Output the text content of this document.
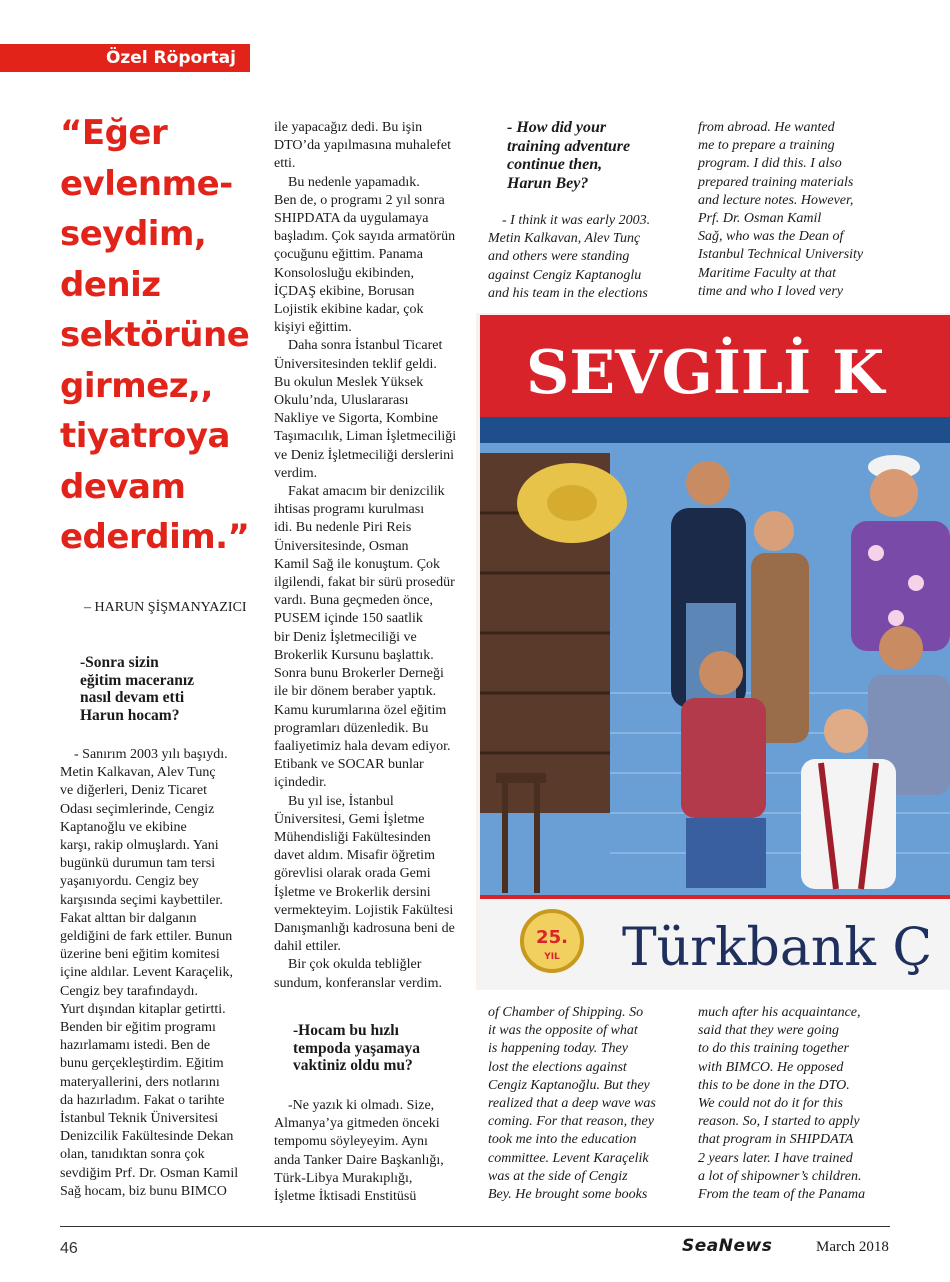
Özel Röportaj
“Eğer
evlenme-
seydim,
deniz
sektörüne
girmez,,
tiyatroya
devam
ederdim.”
– HARUN ŞİŞMANYAZICI

-Sonra sizin

eğitim maceranız

nasıl devam etti

Harun hocam?

- Sanırım 2003 yılı başıydı.

Metin Kalkavan, Alev Tunç

ve diğerleri, Deniz Ticaret

Odası seçimlerinde, Cengiz

Kaptanoğlu ve ekibine

karşı, rakip olmuşlardı. Yani

bugünkü durumun tam tersi

yaşanıyordu. Cengiz bey

karşısında seçimi kaybettiler.

Fakat alttan bir dalganın

geldiğini de fark ettiler. Bunun

üzerine beni eğitim komitesi

içine aldılar. Levent Karaçelik,

Cengiz bey tarafındaydı.

Yurt dışından kitaplar getirtti.

Benden bir eğitim programı

hazırlamamı istedi. Ben de

bunu gerçekleştirdim. Eğitim

materyallerini, ders notlarını

da hazırladım. Fakat o tarihte

İstanbul Teknik Üniversitesi

Denizcilik Fakültesinde Dekan

olan, tanıdıktan sonra çok

sevdiğim Prf. Dr. Osman Kamil

Sağ hocam, biz bunu BIMCO

ile yapacağız dedi. Bu işin

DTO’da yapılmasına muhalefet

etti.

Bu nedenle yapamadık.

Ben de, o programı 2 yıl sonra

SHIPDATA da uygulamaya

başladım. Çok sayıda armatörün

çocuğunu eğittim. Panama

Konsolosluğu ekibinden,

İÇDAŞ ekibine, Borusan

Lojistik ekibine kadar, çok

kişiyi eğittim.

Daha sonra İstanbul Ticaret

Üniversitesinden teklif geldi.

Bu okulun Meslek Yüksek

Okulu’nda, Uluslararası

Nakliye ve Sigorta, Kombine

Taşımacılık, Liman İşletmeciliği

ve Deniz İşletmeciliği derslerini

verdim.

Fakat amacım bir denizcilik

ihtisas programı kurulması

idi. Bu nedenle Piri Reis

Üniversitesinde, Osman

Kamil Sağ ile konuştum. Çok

ilgilendi, fakat bir sürü prosedür

vardı. Buna geçmeden önce,

PUSEM içinde 150 saatlik

bir Deniz İşletmeciliği ve

Brokerlik Kursunu başlattık.

Sonra bunu Brokerler Derneği

ile bir dönem beraber yaptık.

Kamu kurumlarına özel eğitim

programları düzenledik. Bu

faaliyetimiz hala devam ediyor.

Etibank ve SOCAR bunlar

içindedir.

Bu yıl ise, İstanbul

Üniversitesi, Gemi İşletme

Mühendisliği Fakültesinden

davet aldım. Misafir öğretim

görevlisi olarak orada Gemi

İşletme ve Brokerlik dersini

vermekteyim. Lojistik Fakültesi

Danışmanlığı kadrosuna beni de

dahil ettiler.

Bir çok okulda tebliğler

sundum, konferanslar verdim.

-Hocam bu hızlı

tempoda yaşamaya

vaktiniz oldu mu?

-Ne yazık ki olmadı. Size,

Almanya’ya gitmeden önceki

tempomu söyleyeyim. Aynı

anda Tanker Daire Başkanlığı,

Türk-Libya Murakıplığı,

İşletme İktisadi Enstitüsü

- How did your

training adventure

continue then,

Harun Bey?

- I think it was early 2003.

Metin Kalkavan, Alev Tunç

and others were standing

against Cengiz Kaptanoglu

and his team in the elections

of Chamber of Shipping. So

it was the opposite of what

is happening today. They

lost the elections against

Cengiz Kaptanoğlu. But they

realized that a deep wave was

coming. For that reason, they

took me into the education

committee. Levent Karaçelik

was at the side of Cengiz

Bey. He brought some books

from abroad. He wanted

me to prepare a training

program. I did this. I also

prepared training materials

and lecture notes. However,

Prf. Dr. Osman Kamil

Sağ, who was the Dean of

Istanbul Technical University

Maritime Faculty at that

time and who I loved very

much after his acquaintance,

said that they were going

to do this training together

with BIMCO. He opposed

this to be done in the DTO.

We could not do it for this

reason. So, I started to apply

that program in SHIPDATA

2 years later. I have trained

a lot of shipowner’s children.

From the team of the Panama

SEVGİLİ K
25.
YIL Türkbank Ç
46	SeaNews	March 2018
